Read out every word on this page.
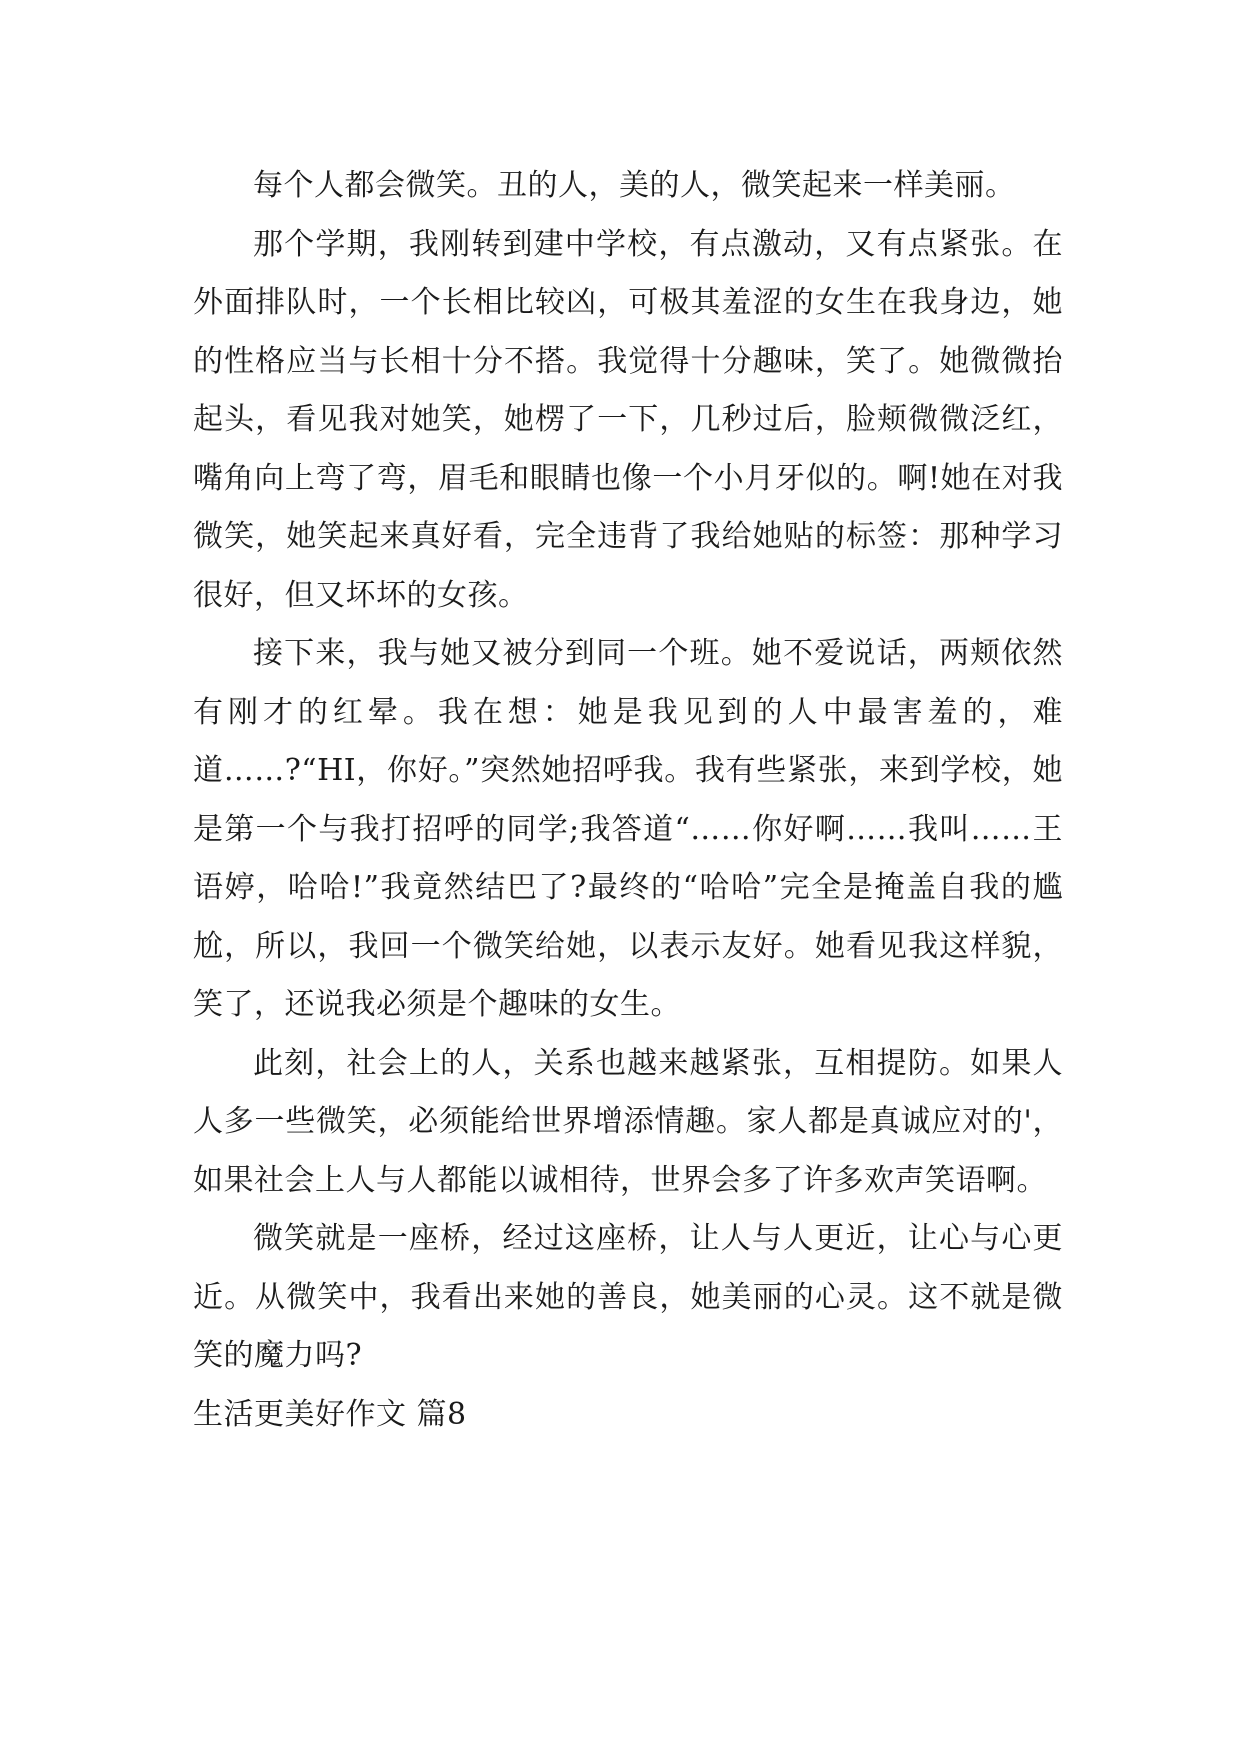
每个人都会微笑。丑的人，美的人，微笑起来一样美丽。

那个学期，我刚转到建中学校，有点激动，又有点紧张。在外面排队时，一个长相比较凶，可极其羞涩的女生在我身边，她的性格应当与长相十分不搭。我觉得十分趣味，笑了。她微微抬起头，看见我对她笑，她楞了一下，几秒过后，脸颊微微泛红，嘴角向上弯了弯，眉毛和眼睛也像一个小月牙似的。啊!她在对我微笑，她笑起来真好看，完全违背了我给她贴的标签：那种学习很好，但又坏坏的女孩。

接下来，我与她又被分到同一个班。她不爱说话，两颊依然有刚才的红晕。我在想：她是我见到的人中最害羞的，难道……?“HI，你好。”突然她招呼我。我有些紧张，来到学校，她是第一个与我打招呼的同学;我答道“……你好啊……我叫……王语婷，哈哈!”我竟然结巴了?最终的“哈哈”完全是掩盖自我的尴尬，所以，我回一个微笑给她，以表示友好。她看见我这样貌，笑了，还说我必须是个趣味的女生。

此刻，社会上的人，关系也越来越紧张，互相提防。如果人人多一些微笑，必须能给世界增添情趣。家人都是真诚应对的'，如果社会上人与人都能以诚相待，世界会多了许多欢声笑语啊。

微笑就是一座桥，经过这座桥，让人与人更近，让心与心更近。从微笑中，我看出来她的善良，她美丽的心灵。这不就是微笑的魔力吗?

生活更美好作文 篇8
